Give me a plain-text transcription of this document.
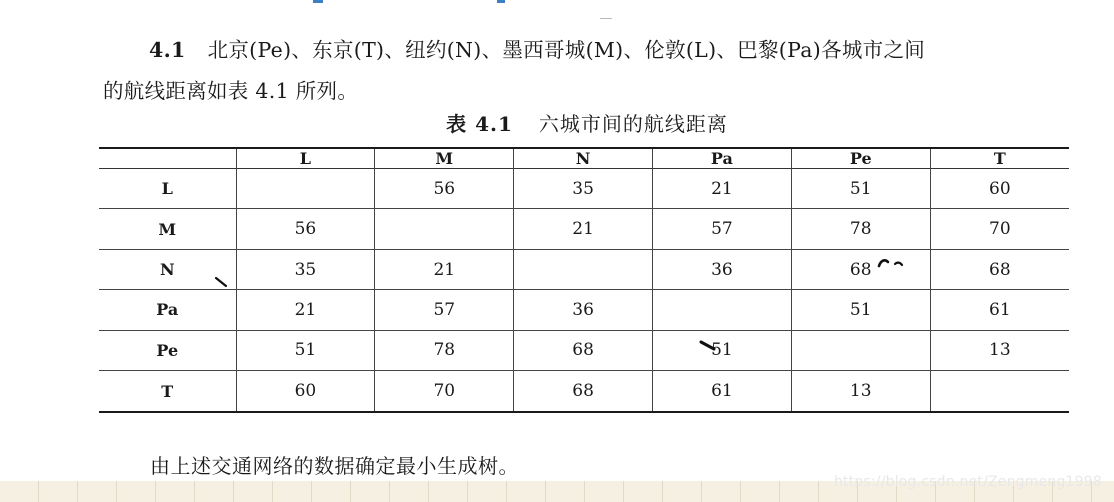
4.1 北京(Pe)、东京(T)、纽约(N)、墨西哥城(M)、伦敦(L)、巴黎(Pa)各城市之间
的航线距离如表 4.1 所列。
表 4.1 六城市间的航线距离
	L	M	N	Pa	Pe	T
L		56	35	21	51	60
M	56		21	57	78	70
N	35	21		36	68	68
Pa	21	57	36		51	61
Pe	51	78	68	51		13
T	60	70	68	61	13	
由上述交通网络的数据确定最小生成树。
https://blog.csdn.net/Zengmeng1998
